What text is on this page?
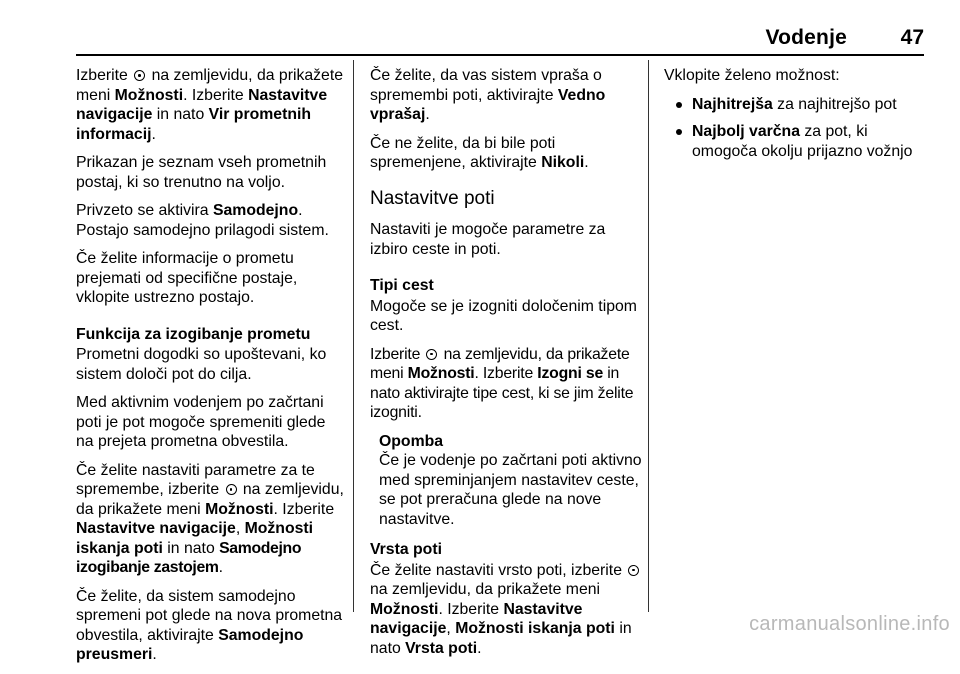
Vodenje	47

Izberite  na zemljevidu, da prikažete meni Možnosti. Izberite Nastavitve navigacije in nato Vir prometnih informacij.

Prikazan je seznam vseh prometnih postaj, ki so trenutno na voljo.

Privzeto se aktivira Samodejno. Postajo samodejno prilagodi sistem.

Če želite informacije o prometu prejemati od specifične postaje, vklopite ustrezno postajo.

Funkcija za izogibanje prometu

Prometni dogodki so upoštevani, ko sistem določi pot do cilja.

Med aktivnim vodenjem po začrtani poti je pot mogoče spremeniti glede na prejeta prometna obvestila.

Če želite nastaviti parametre za te spremembe, izberite  na zemljevidu, da prikažete meni Možnosti. Izberite Nastavitve navigacije, Možnosti iskanja poti in nato Samodejno izogibanje zastojem.

Če želite, da sistem samodejno spremeni pot glede na nova prometna obvestila, aktivirajte Samodejno preusmeri.

Če želite, da vas sistem vpraša o spremembi poti, aktivirajte Vedno vprašaj.

Če ne želite, da bi bile poti spremenjene, aktivirajte Nikoli.

Nastavitve poti

Nastaviti je mogoče parametre za izbiro ceste in poti.

Tipi cest

Mogoče se je izogniti določenim tipom cest.

Izberite  na zemljevidu, da prikažete meni Možnosti. Izberite Izogni se in nato aktivirajte tipe cest, ki se jim želite izogniti.

Opomba
Če je vodenje po začrtani poti aktivno med spreminjanjem nastavitev ceste, se pot preračuna glede na nove nastavitve.
Vrsta poti

Če želite nastaviti vrsto poti, izberite  na zemljevidu, da prikažete meni Možnosti. Izberite Nastavitve navigacije, Možnosti iskanja poti in nato Vrsta poti.

Vklopite želeno možnost:

Najhitrejša za najhitrejšo pot
Najbolj varčna za pot, ki omogoča okolju prijazno vožnjo
carmanualsonline.info
